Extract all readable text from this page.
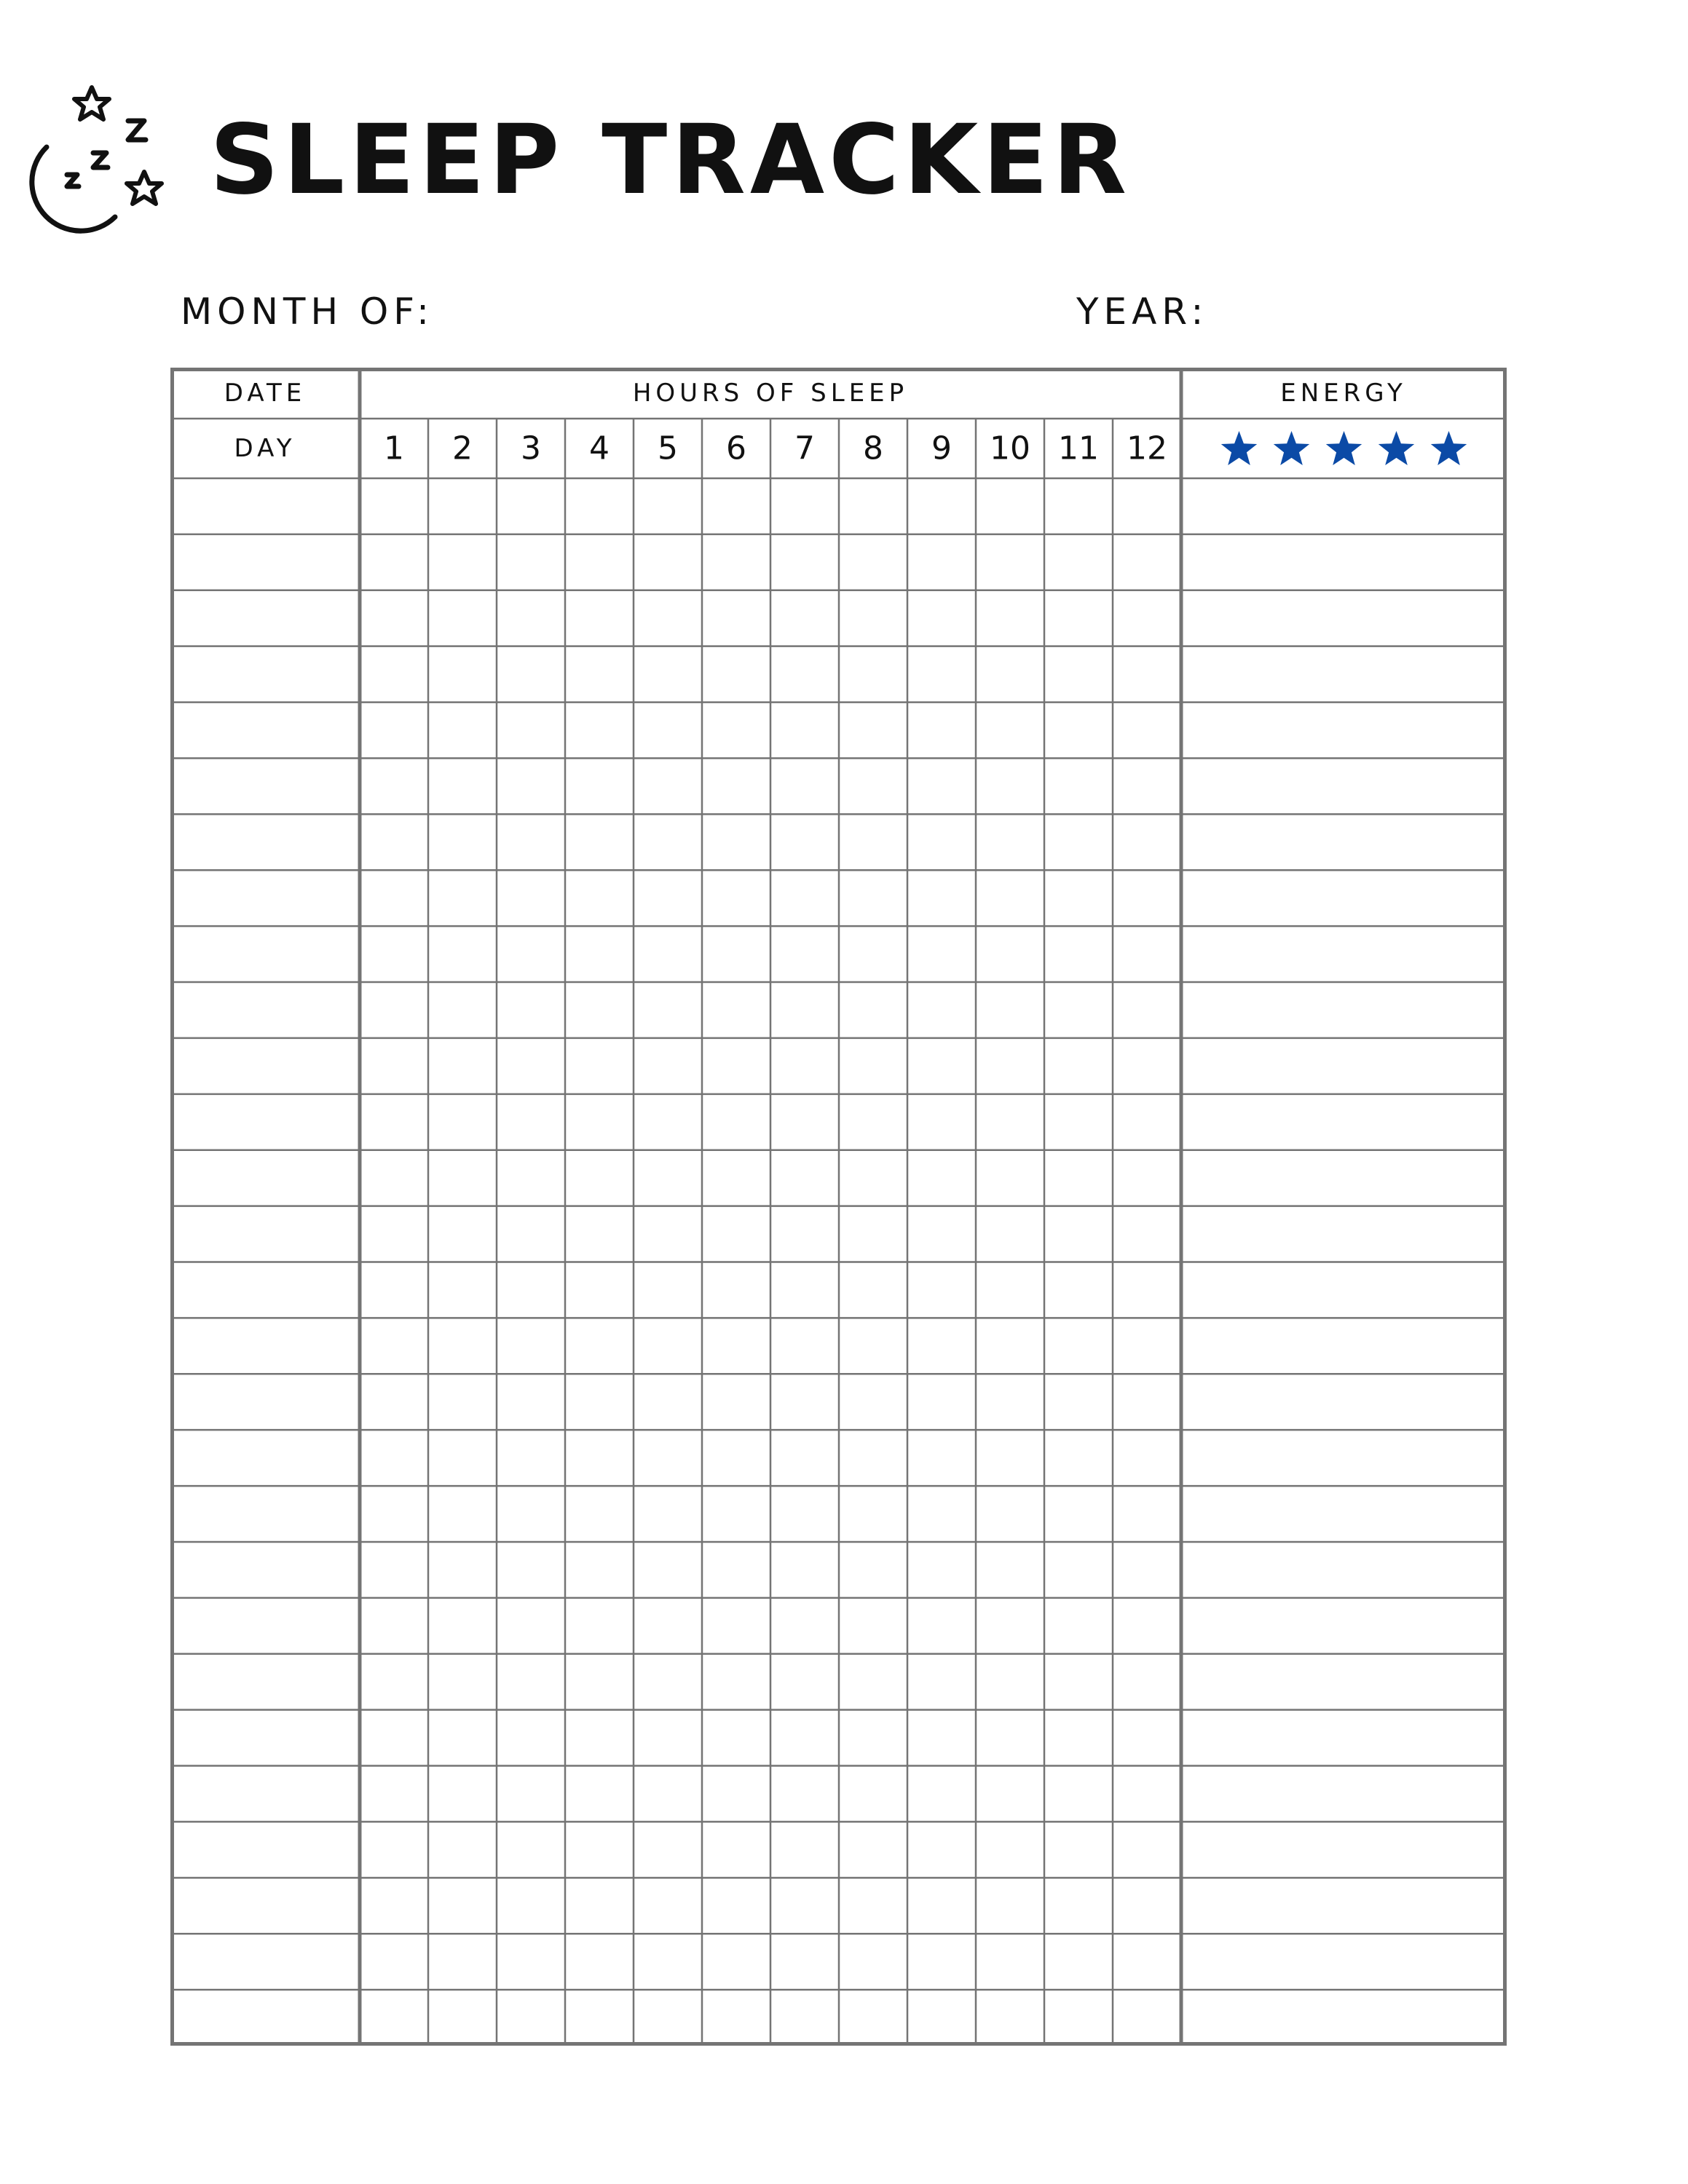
SLEEP TRACKER
MONTH OF:	YEAR:
DATE	HOURS OF SLEEP	ENERGY
DAY	1 2 3 4 5 6 7 8 9 10 11 12
